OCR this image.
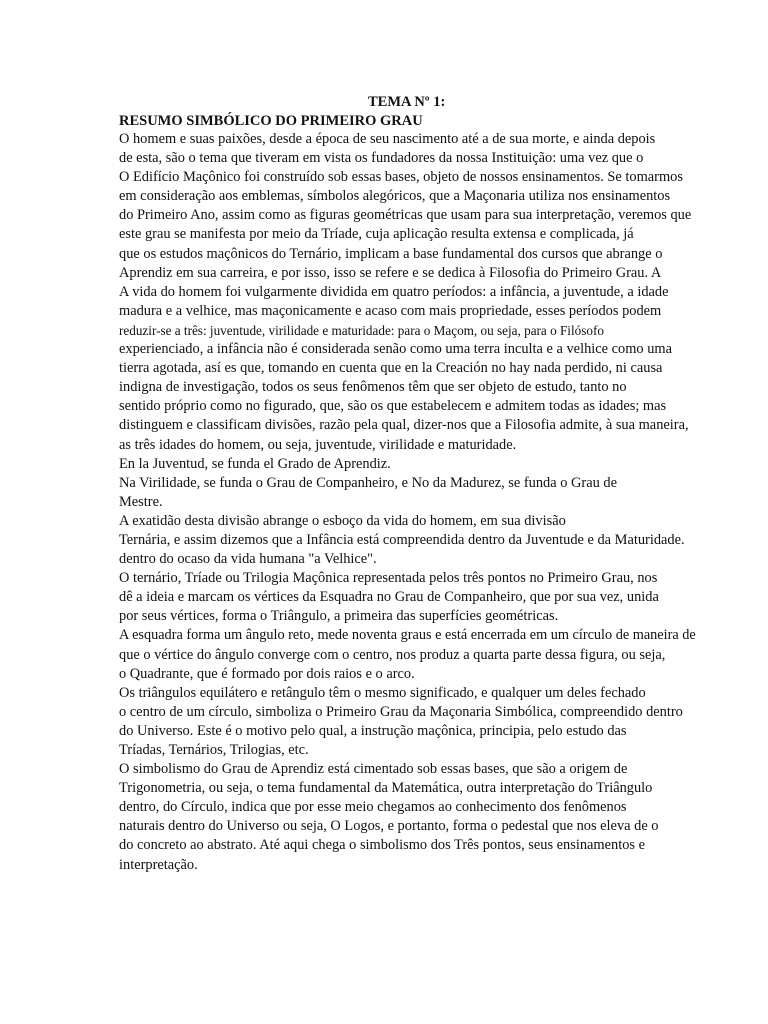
TEMA Nº 1:
RESUMO SIMBÓLICO DO PRIMEIRO GRAU
O homem e suas paixões, desde a época de seu nascimento até a de sua morte, e ainda depois
de esta, são o tema que tiveram em vista os fundadores da nossa Instituição: uma vez que o
O Edifício Maçônico foi construído sob essas bases, objeto de nossos ensinamentos. Se tomarmos
em consideração aos emblemas, símbolos alegóricos, que a Maçonaria utiliza nos ensinamentos
do Primeiro Ano, assim como as figuras geométricas que usam para sua interpretação, veremos que
este grau se manifesta por meio da Tríade, cuja aplicação resulta extensa e complicada, já
que os estudos maçônicos do Ternário, implicam a base fundamental dos cursos que abrange o
Aprendiz em sua carreira, e por isso, isso se refere e se dedica à Filosofia do Primeiro Grau. A
A vida do homem foi vulgarmente dividida em quatro períodos: a infância, a juventude, a idade
madura e a velhice, mas maçonicamente e acaso com mais propriedade, esses períodos podem
reduzir-se a três: juventude, virilidade e maturidade: para o Maçom, ou seja, para o Filósofo
experienciado, a infância não é considerada senão como uma terra inculta e a velhice como uma
tierra agotada, así es que, tomando en cuenta que en la Creación no hay nada perdido, ni causa
indigna de investigação, todos os seus fenômenos têm que ser objeto de estudo, tanto no
sentido próprio como no figurado, que, são os que estabelecem e admitem todas as idades; mas
distinguem e classificam divisões, razão pela qual, dizer-nos que a Filosofia admite, à sua maneira,
as três idades do homem, ou seja, juventude, virilidade e maturidade.
En la Juventud, se funda el Grado de Aprendiz.
Na Virilidade, se funda o Grau de Companheiro, e No da Madurez, se funda o Grau de
Mestre.
A exatidão desta divisão abrange o esboço da vida do homem, em sua divisão
Ternária, e assim dizemos que a Infância está compreendida dentro da Juventude e da Maturidade.
dentro do ocaso da vida humana "a Velhice".
O ternário, Tríade ou Trilogia Maçônica representada pelos três pontos no Primeiro Grau, nos
dê a ideia e marcam os vértices da Esquadra no Grau de Companheiro, que por sua vez, unida
por seus vértices, forma o Triângulo, a primeira das superfícies geométricas.
A esquadra forma um ângulo reto, mede noventa graus e está encerrada em um círculo de maneira de
que o vértice do ângulo converge com o centro, nos produz a quarta parte dessa figura, ou seja,
o Quadrante, que é formado por dois raios e o arco.
Os triângulos equilátero e retângulo têm o mesmo significado, e qualquer um deles fechado
o centro de um círculo, simboliza o Primeiro Grau da Maçonaria Simbólica, compreendido dentro
do Universo. Este é o motivo pelo qual, a instrução maçônica, principia, pelo estudo das
Tríadas, Ternários, Trilogias, etc.
O simbolismo do Grau de Aprendiz está cimentado sob essas bases, que são a origem de
Trigonometria, ou seja, o tema fundamental da Matemática, outra interpretação do Triângulo
dentro, do Círculo, indica que por esse meio chegamos ao conhecimento dos fenômenos
naturais dentro do Universo ou seja, O Logos, e portanto, forma o pedestal que nos eleva de o
do concreto ao abstrato. Até aqui chega o simbolismo dos Três pontos, seus ensinamentos e
interpretação.
